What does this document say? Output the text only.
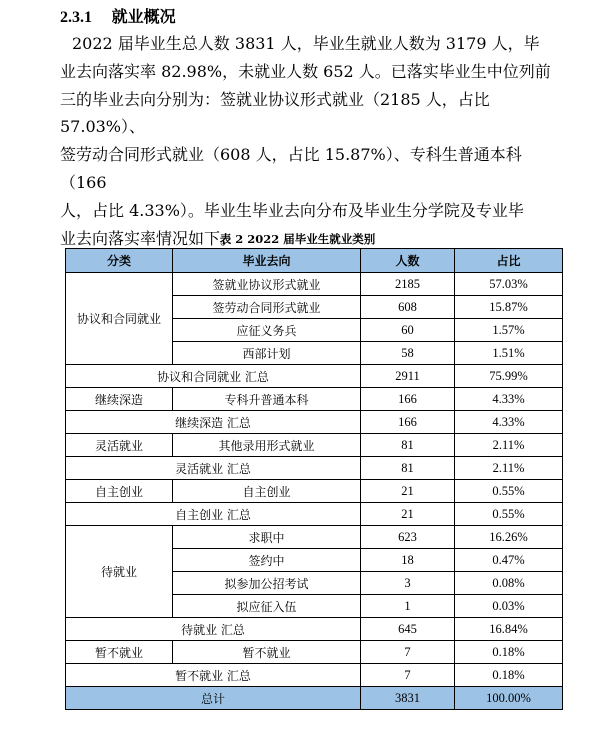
2.3.1 就业概况

2022 届毕业生总人数 3831 人，毕业生就业人数为 3179 人，毕

业去向落实率 82.98%，未就业人数 652 人。已落实毕业生中位列前

三的毕业去向分别为：签就业协议形式就业（2185 人，占比 57.03%）、

签劳动合同形式就业（608 人，占比 15.87%）、专科生普通本科（166

人，占比 4.33%）。毕业生毕业去向分布及毕业生分学院及专业毕

业去向落实率情况如下。

表 2 2022 届毕业生就业类别
分类	毕业去向	人数	占比
协议和合同就业	签就业协议形式就业	2185	57.03%
	签劳动合同形式就业	608	15.87%
	应征义务兵	60	1.57%
	西部计划	58	1.51%
协议和合同就业 汇总		2911	75.99%
继续深造	专科升普通本科	166	4.33%
继续深造 汇总		166	4.33%
灵活就业	其他录用形式就业	81	2.11%
灵活就业 汇总		81	2.11%
自主创业	自主创业	21	0.55%
自主创业 汇总		21	0.55%
待就业	求职中	623	16.26%
	签约中	18	0.47%
	拟参加公招考试	3	0.08%
	拟应征入伍	1	0.03%
待就业 汇总		645	16.84%
暂不就业	暂不就业	7	0.18%
暂不就业 汇总		7	0.18%
总计		3831	100.00%
